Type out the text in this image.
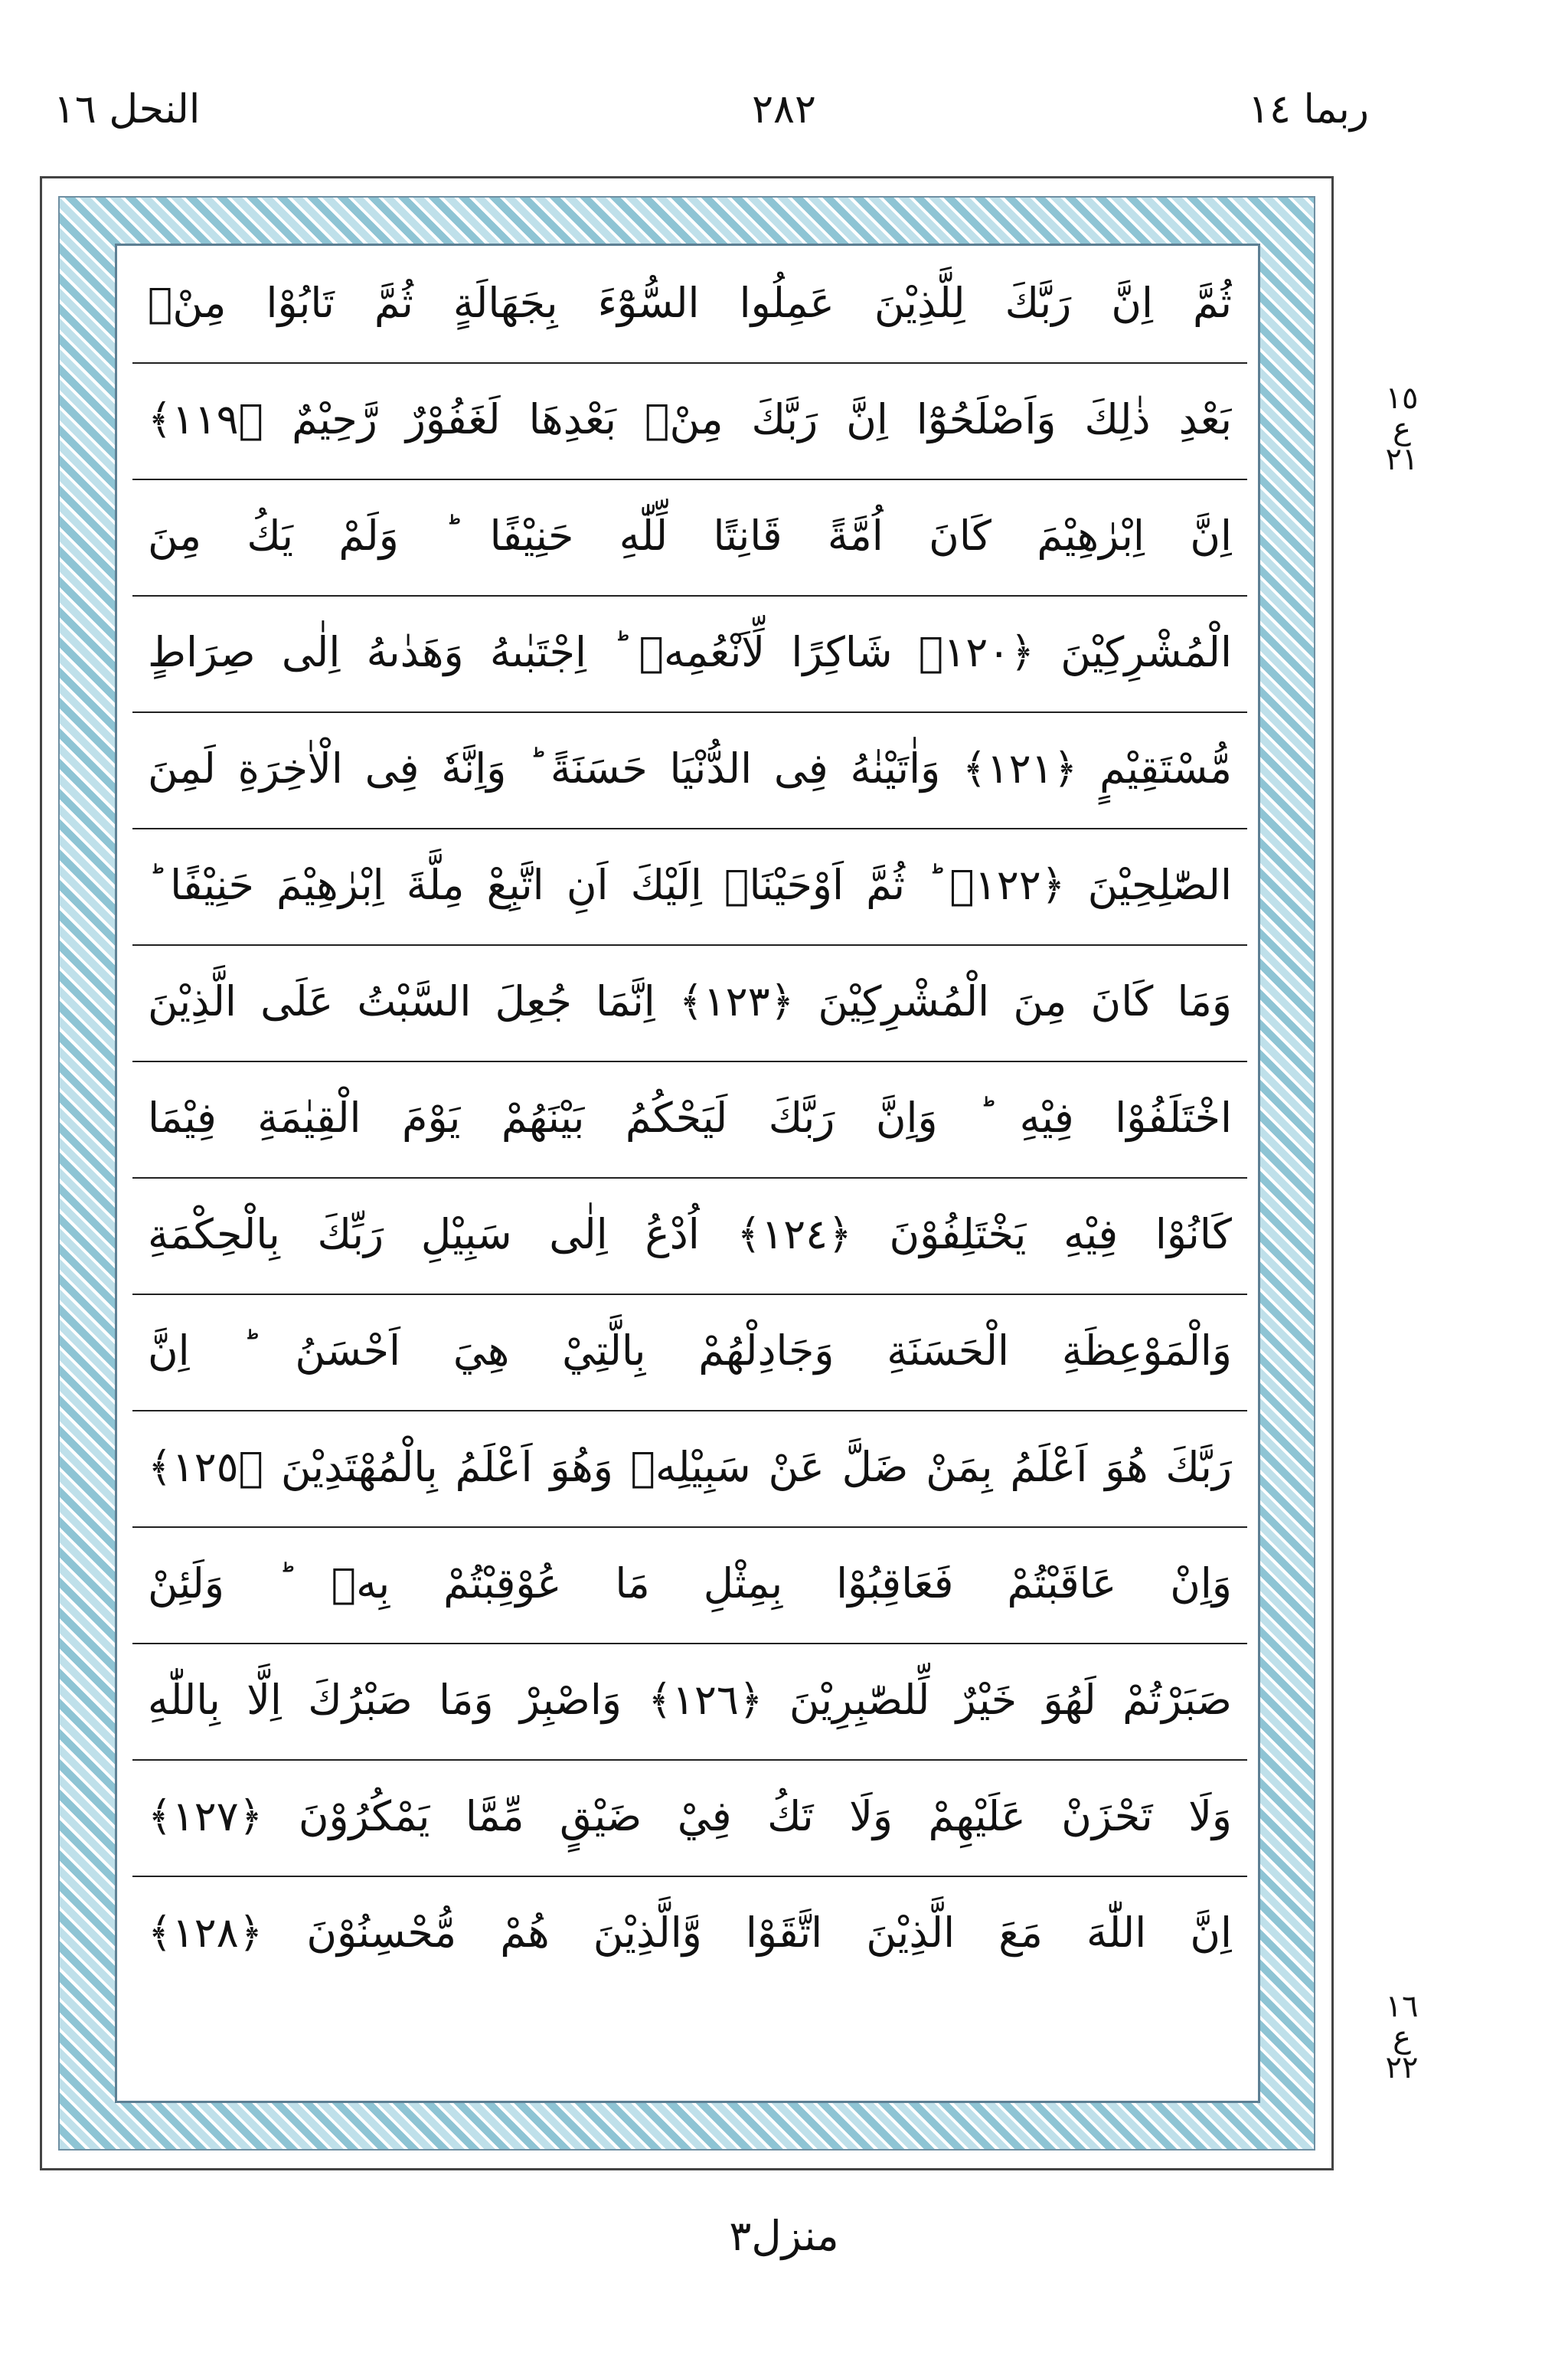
النحل ١٦	٢٨٢	ربما ١٤
ثُمَّ اِنَّ رَبَّكَ لِلَّذِيْنَ عَمِلُوا السُّوْٓءَ بِجَهَالَةٍ ثُمَّ تَابُوْا مِنْۢ
بَعْدِ ذٰلِكَ وَاَصْلَحُوْٓا اِنَّ رَبَّكَ مِنْۢ بَعْدِهَا لَغَفُوْرٌ رَّحِيْمٌ ﴿١١٩﴾
اِنَّ اِبْرٰهِيْمَ كَانَ اُمَّةً قَانِتًا لِّلّٰهِ حَنِيْفًا ؕ وَلَمْ يَكُ مِنَ
الْمُشْرِكِيْنَ ﴿١٢٠﴾ شَاكِرًا لِّاَنْعُمِهٖ ؕ اِجْتَبٰىهُ وَهَدٰىهُ اِلٰى صِرَاطٍ
مُّسْتَقِيْمٍ ﴿١٢١﴾ وَاٰتَيْنٰهُ فِى الدُّنْيَا حَسَنَةً ؕ وَاِنَّهٗ فِى الْاٰخِرَةِ لَمِنَ
الصّٰلِحِيْنَ ﴿١٢٢﴾ ؕ ثُمَّ اَوْحَيْنَاۤ اِلَيْكَ اَنِ اتَّبِعْ مِلَّةَ اِبْرٰهِيْمَ حَنِيْفًا ؕ
وَمَا كَانَ مِنَ الْمُشْرِكِيْنَ ﴿١٢٣﴾ اِنَّمَا جُعِلَ السَّبْتُ عَلَى الَّذِيْنَ
اخْتَلَفُوْا فِيْهِ ؕ وَاِنَّ رَبَّكَ لَيَحْكُمُ بَيْنَهُمْ يَوْمَ الْقِيٰمَةِ فِيْمَا
كَانُوْا فِيْهِ يَخْتَلِفُوْنَ ﴿١٢٤﴾ اُدْعُ اِلٰى سَبِيْلِ رَبِّكَ بِالْحِكْمَةِ
وَالْمَوْعِظَةِ الْحَسَنَةِ وَجَادِلْهُمْ بِالَّتِيْ هِيَ اَحْسَنُ ؕ اِنَّ
رَبَّكَ هُوَ اَعْلَمُ بِمَنْ ضَلَّ عَنْ سَبِيْلِهٖ وَهُوَ اَعْلَمُ بِالْمُهْتَدِيْنَ ﴿١٢٥﴾
وَاِنْ عَاقَبْتُمْ فَعَاقِبُوْا بِمِثْلِ مَا عُوْقِبْتُمْ بِهٖ ؕ وَلَئِنْ
صَبَرْتُمْ لَهُوَ خَيْرٌ لِّلصّٰبِرِيْنَ ﴿١٢٦﴾ وَاصْبِرْ وَمَا صَبْرُكَ اِلَّا بِاللّٰهِ
وَلَا تَحْزَنْ عَلَيْهِمْ وَلَا تَكُ فِيْ ضَيْقٍ مِّمَّا يَمْكُرُوْنَ ﴿١٢٧﴾
اِنَّ اللّٰهَ مَعَ الَّذِيْنَ اتَّقَوْا وَّالَّذِيْنَ هُمْ مُّحْسِنُوْنَ ﴿١٢٨﴾
١٥
ع
٢١
١٦
ع
٢٢
منزل٣
